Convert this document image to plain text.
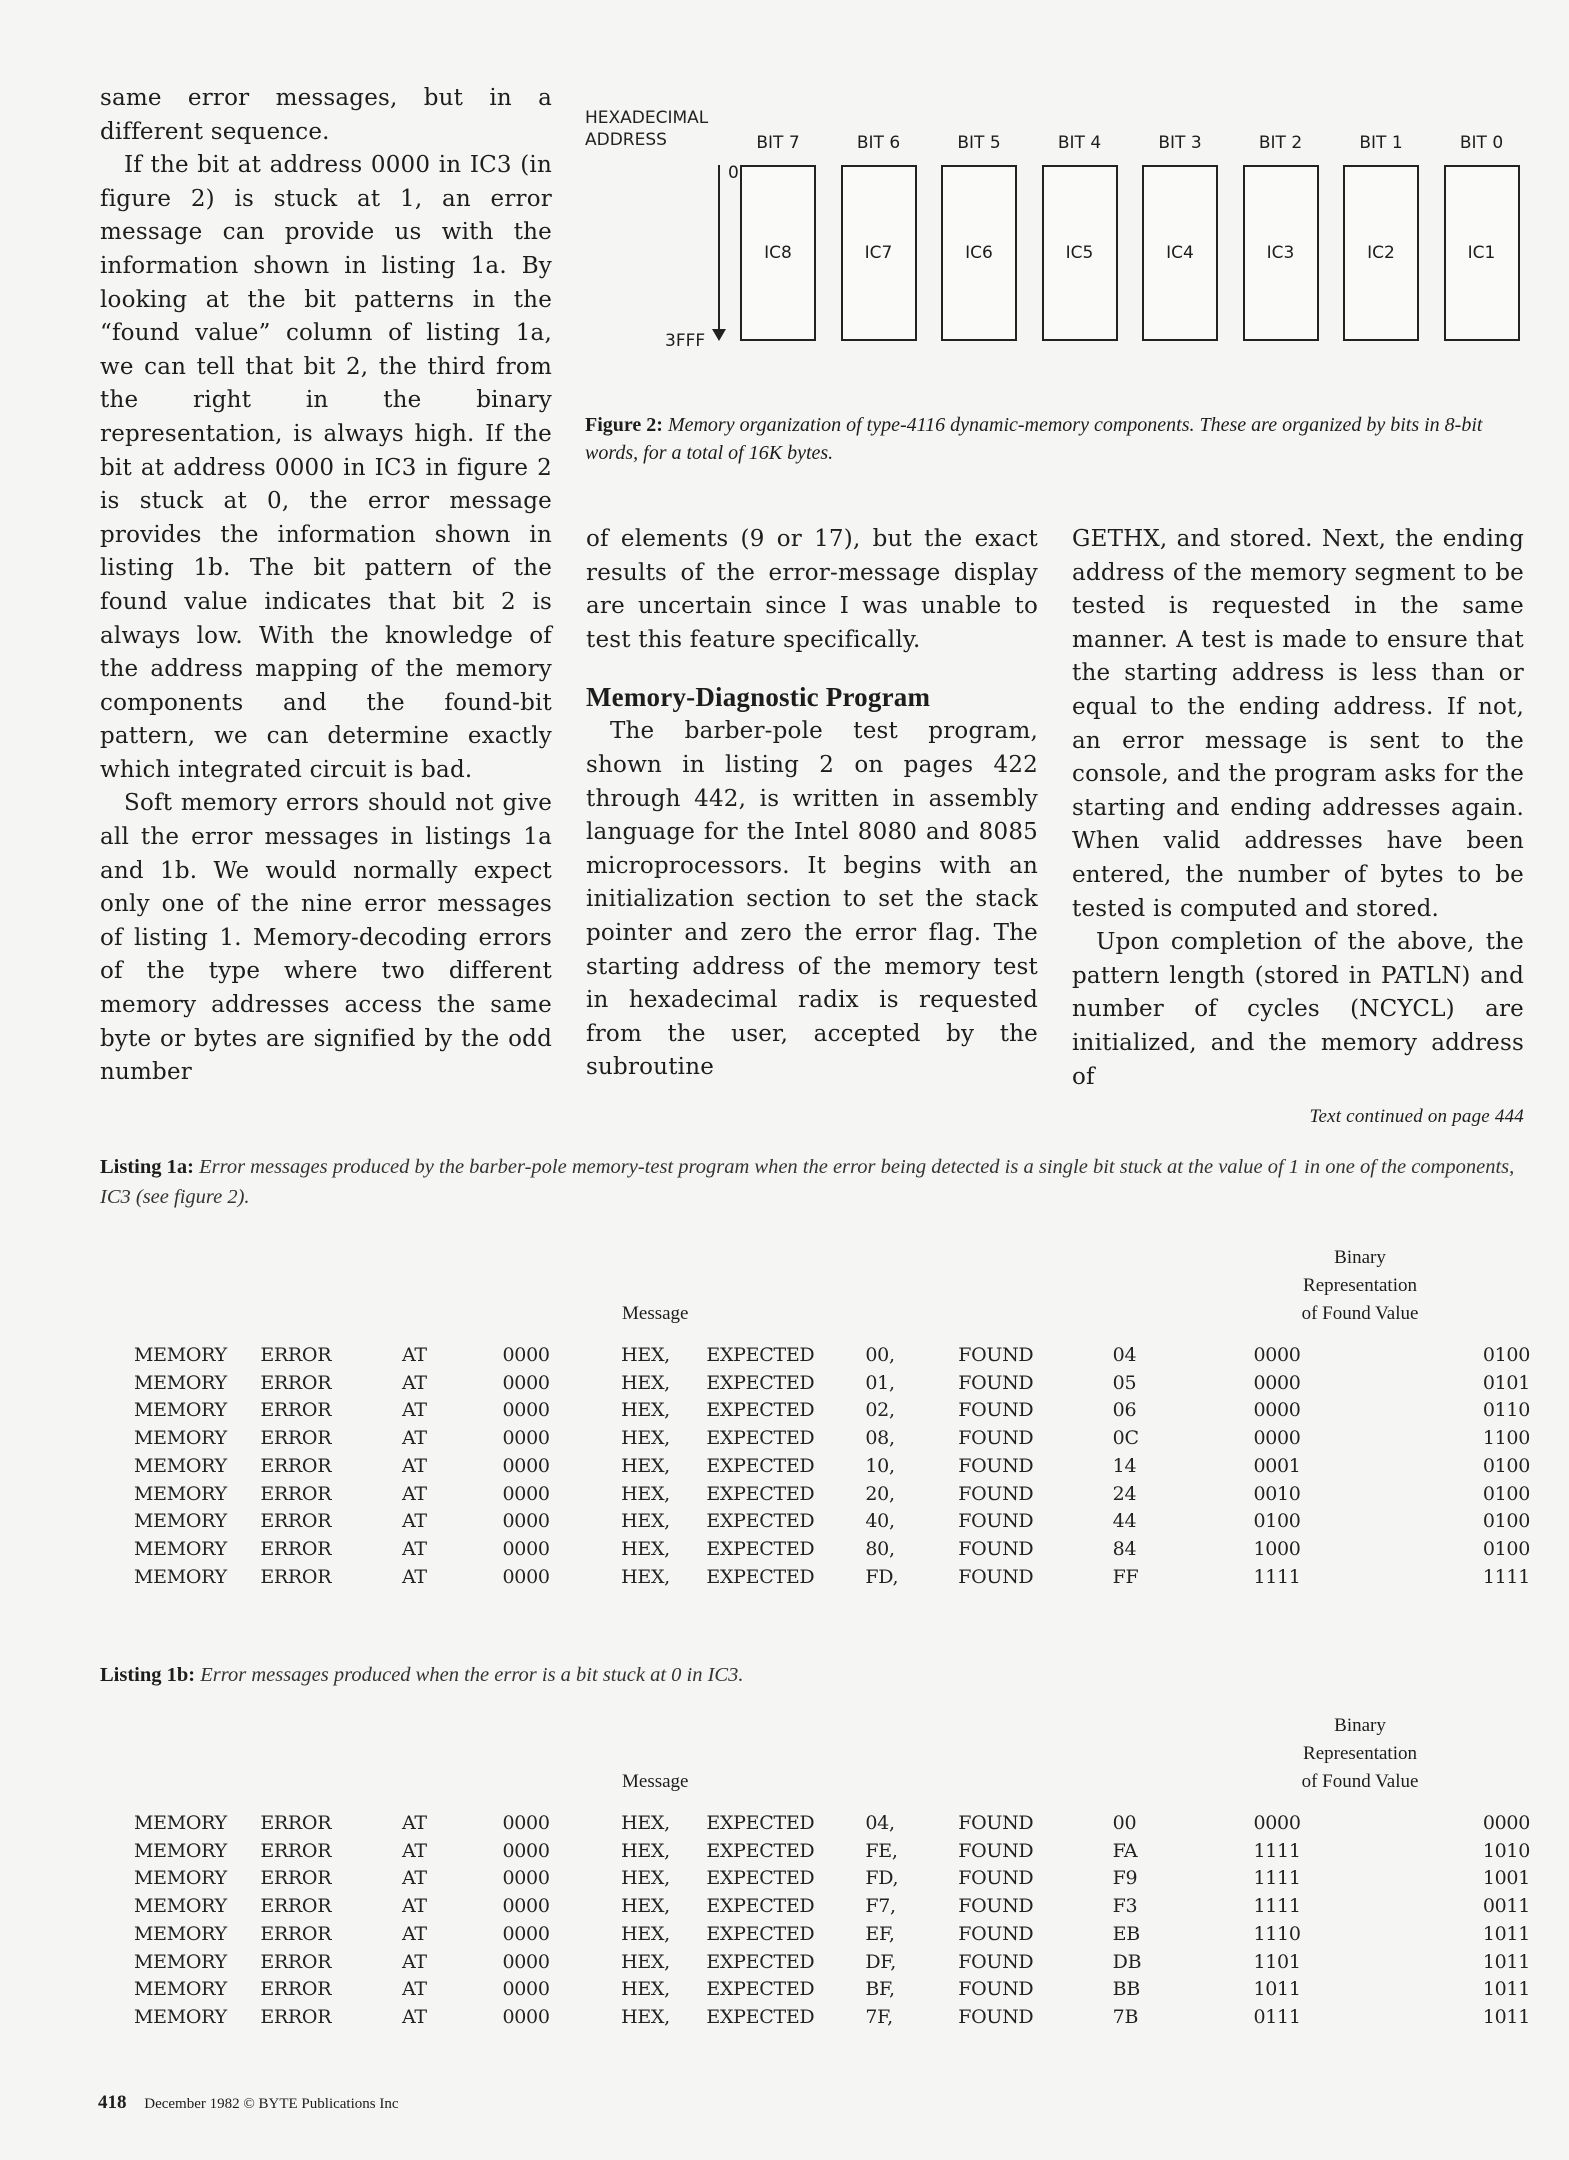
same error messages, but in a different sequence.

If the bit at address 0000 in IC3 (in figure 2) is stuck at 1, an error message can provide us with the information shown in listing 1a. By looking at the bit patterns in the “found value” column of listing 1a, we can tell that bit 2, the third from the right in the binary representation, is always high. If the bit at address 0000 in IC3 in figure 2 is stuck at 0, the error message provides the information shown in listing 1b. The bit pattern of the found value indicates that bit 2 is always low. With the knowledge of the address mapping of the memory components and the found-bit pattern, we can determine exactly which integrated circuit is bad.

Soft memory errors should not give all the error messages in listings 1a and 1b. We would normally expect only one of the nine error messages of listing 1. Memory-decoding errors of the type where two different memory addresses access the same byte or bytes are signified by the odd number

HEXADECIMAL
ADDRESS
0
3FFF
BIT 7
IC8
BIT 6
IC7
BIT 5
IC6
BIT 4
IC5
BIT 3
IC4
BIT 2
IC3
BIT 1
IC2
BIT 0
IC1
Figure 2: Memory organization of type-4116 dynamic-memory components. These are organized by bits in 8-bit words, for a total of 16K bytes.

of elements (9 or 17), but the exact results of the error-message display are uncertain since I was unable to test this feature specifically.

Memory-Diagnostic Program

The barber-pole test program, shown in listing 2 on pages 422 through 442, is written in assembly language for the Intel 8080 and 8085 microprocessors. It begins with an initialization section to set the stack pointer and zero the error flag. The starting address of the memory test in hexadecimal radix is requested from the user, accepted by the subroutine

GETHX, and stored. Next, the ending address of the memory segment to be tested is requested in the same manner. A test is made to ensure that the starting address is less than or equal to the ending address. If not, an error message is sent to the console, and the program asks for the starting and ending addresses again. When valid addresses have been entered, the number of bytes to be tested is computed and stored.

Upon completion of the above, the pattern length (stored in PATLN) and number of cycles (NCYCL) are initialized, and the memory address of

Text continued on page 444
Listing 1a: Error messages produced by the barber-pole memory-test program when the error being detected is a single bit stuck at the value of 1 in one of the components, IC3 (see figure 2).
Message
Binary
Representation
of Found Value
MEMORY	ERROR	AT	0000	HEX,	EXPECTED	00,	FOUND	04	0000	0100
MEMORY	ERROR	AT	0000	HEX,	EXPECTED	01,	FOUND	05	0000	0101
MEMORY	ERROR	AT	0000	HEX,	EXPECTED	02,	FOUND	06	0000	0110
MEMORY	ERROR	AT	0000	HEX,	EXPECTED	08,	FOUND	0C	0000	1100
MEMORY	ERROR	AT	0000	HEX,	EXPECTED	10,	FOUND	14	0001	0100
MEMORY	ERROR	AT	0000	HEX,	EXPECTED	20,	FOUND	24	0010	0100
MEMORY	ERROR	AT	0000	HEX,	EXPECTED	40,	FOUND	44	0100	0100
MEMORY	ERROR	AT	0000	HEX,	EXPECTED	80,	FOUND	84	1000	0100
MEMORY	ERROR	AT	0000	HEX,	EXPECTED	FD,	FOUND	FF	1111	1111
Listing 1b: Error messages produced when the error is a bit stuck at 0 in IC3.
Message
Binary
Representation
of Found Value
MEMORY	ERROR	AT	0000	HEX,	EXPECTED	04,	FOUND	00	0000	0000
MEMORY	ERROR	AT	0000	HEX,	EXPECTED	FE,	FOUND	FA	1111	1010
MEMORY	ERROR	AT	0000	HEX,	EXPECTED	FD,	FOUND	F9	1111	1001
MEMORY	ERROR	AT	0000	HEX,	EXPECTED	F7,	FOUND	F3	1111	0011
MEMORY	ERROR	AT	0000	HEX,	EXPECTED	EF,	FOUND	EB	1110	1011
MEMORY	ERROR	AT	0000	HEX,	EXPECTED	DF,	FOUND	DB	1101	1011
MEMORY	ERROR	AT	0000	HEX,	EXPECTED	BF,	FOUND	BB	1011	1011
MEMORY	ERROR	AT	0000	HEX,	EXPECTED	7F,	FOUND	7B	0111	1011
418 December 1982 © BYTE Publications Inc
